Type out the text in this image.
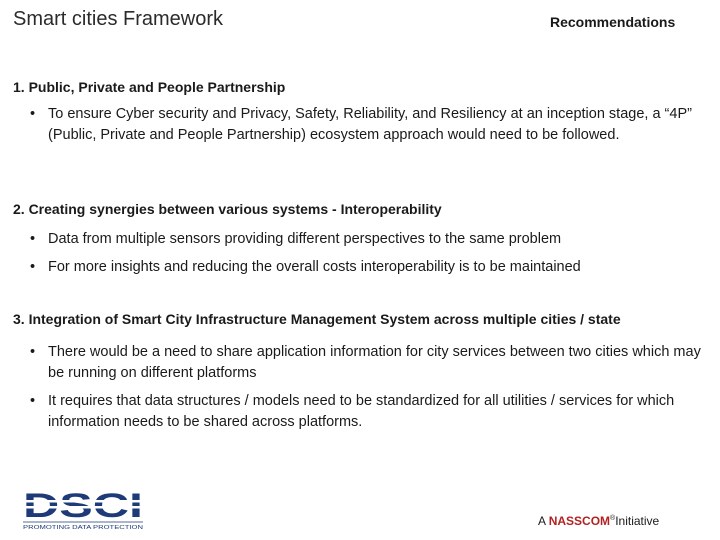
Smart cities Framework	Recommendations
1. Public, Private and People Partnership
• To ensure Cyber security and Privacy, Safety, Reliability, and Resiliency at an inception stage, a “4P” (Public, Private and People Partnership) ecosystem approach would need to be followed.
2. Creating synergies between various systems - Interoperability
• Data from multiple sensors providing different perspectives to the same problem
• For more insights and reducing the overall costs interoperability is to be maintained
3. Integration of Smart City Infrastructure Management System across multiple cities / state
• There would be a need to share application information for city services between two cities which may be running on different platforms
• It requires that data structures / models need to be standardized for all utilities / services for which information needs to be shared across platforms.
PROMOTING DATA PROTECTION	A NASSCOM®Initiative
